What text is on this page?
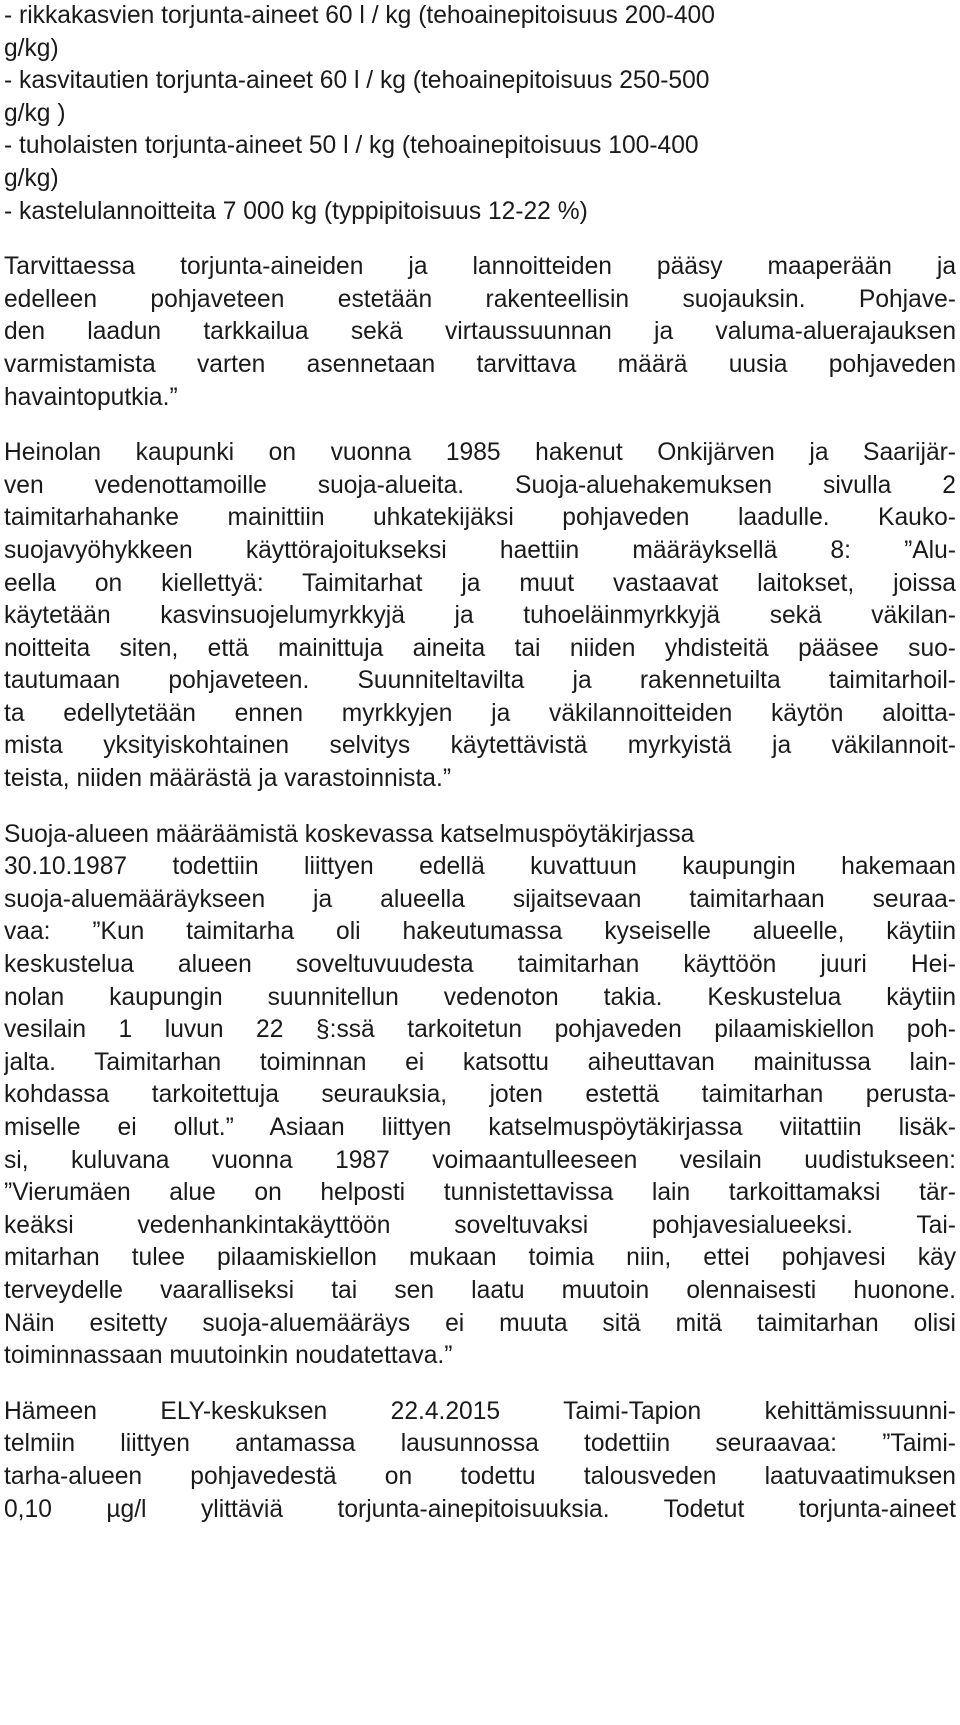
- rikkakasvien torjunta-aineet 60 l / kg (tehoainepitoisuus 200-400
g/kg)
- kasvitautien torjunta-aineet 60 l / kg (tehoainepitoisuus 250-500
g/kg )
- tuholaisten torjunta-aineet 50 l / kg (tehoainepitoisuus 100-400
g/kg)
- kastelulannoitteita 7 000 kg (typpipitoisuus 12-22 %)
Tarvittaessa torjunta-aineiden ja lannoitteiden pääsy maaperään ja
edelleen pohjaveteen estetään rakenteellisin suojauksin. Pohjave-
den laadun tarkkailua sekä virtaussuunnan ja valuma-aluerajauksen
varmistamista varten asennetaan tarvittava määrä uusia pohjaveden
havaintoputkia.”
Heinolan kaupunki on vuonna 1985 hakenut Onkijärven ja Saarijär-
ven vedenottamoille suoja-alueita. Suoja-aluehakemuksen sivulla 2
taimitarhahanke mainittiin uhkatekijäksi pohjaveden laadulle. Kauko-
suojavyöhykkeen käyttörajoitukseksi haettiin määräyksellä 8: ”Alu-
eella on kiellettyä: Taimitarhat ja muut vastaavat laitokset, joissa
käytetään kasvinsuojelumyrkkyjä ja tuhoeläinmyrkkyjä sekä väkilan-
noitteita siten, että mainittuja aineita tai niiden yhdisteitä pääsee suo-
tautumaan pohjaveteen. Suunniteltavilta ja rakennetuilta taimitarhoil-
ta edellytetään ennen myrkkyjen ja väkilannoitteiden käytön aloitta-
mista yksityiskohtainen selvitys käytettävistä myrkyistä ja väkilannoit-
teista, niiden määrästä ja varastoinnista.”
Suoja-alueen määräämistä koskevassa katselmuspöytäkirjassa
30.10.1987 todettiin liittyen edellä kuvattuun kaupungin hakemaan
suoja-aluemääräykseen ja alueella sijaitsevaan taimitarhaan seuraa-
vaa: ”Kun taimitarha oli hakeutumassa kyseiselle alueelle, käytiin
keskustelua alueen soveltuvuudesta taimitarhan käyttöön juuri Hei-
nolan kaupungin suunnitellun vedenoton takia. Keskustelua käytiin
vesilain 1 luvun 22 §:ssä tarkoitetun pohjaveden pilaamiskiellon poh-
jalta. Taimitarhan toiminnan ei katsottu aiheuttavan mainitussa lain-
kohdassa tarkoitettuja seurauksia, joten estettä taimitarhan perusta-
miselle ei ollut.” Asiaan liittyen katselmuspöytäkirjassa viitattiin lisäk-
si, kuluvana vuonna 1987 voimaantulleeseen vesilain uudistukseen:
”Vierumäen alue on helposti tunnistettavissa lain tarkoittamaksi tär-
keäksi vedenhankintakäyttöön soveltuvaksi pohjavesialueeksi. Tai-
mitarhan tulee pilaamiskiellon mukaan toimia niin, ettei pohjavesi käy
terveydelle vaaralliseksi tai sen laatu muutoin olennaisesti huonone.
Näin esitetty suoja-aluemääräys ei muuta sitä mitä taimitarhan olisi
toiminnassaan muutoinkin noudatettava.”
Hämeen ELY-keskuksen 22.4.2015 Taimi-Tapion kehittämissuunni-
telmiin liittyen antamassa lausunnossa todettiin seuraavaa: ”Taimi-
tarha-alueen pohjavedestä on todettu talousveden laatuvaatimuksen
0,10 µg/l ylittäviä torjunta-ainepitoisuuksia. Todetut torjunta-aineet
